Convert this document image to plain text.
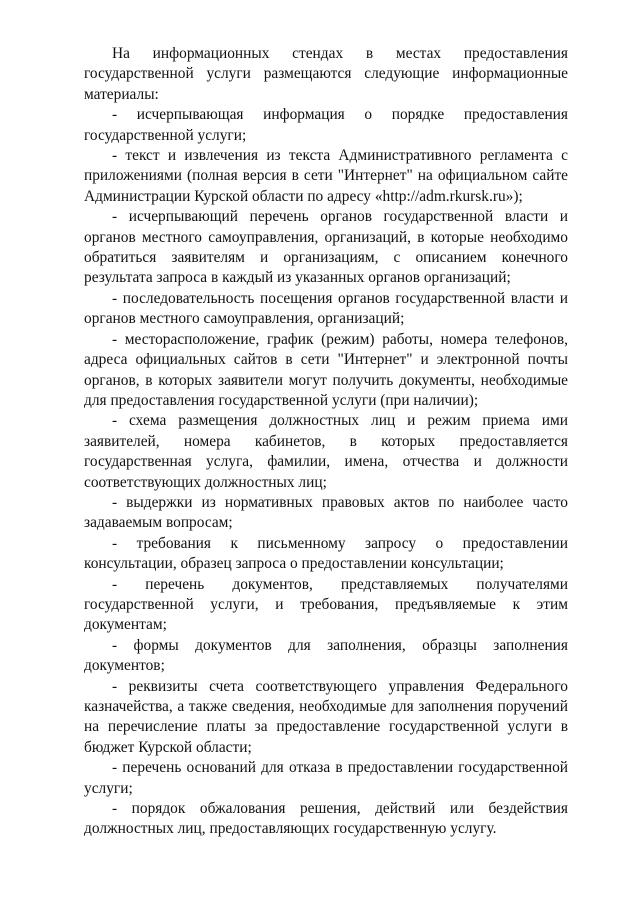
На информационных стендах в местах предоставления государственной услуги размещаются следующие информационные материалы:

- исчерпывающая информация о порядке предоставления государственной услуги;

- текст и извлечения из текста Административного регламента с приложениями (полная версия в сети "Интернет" на официальном сайте Администрации Курской области по адресу «http://adm.rkursk.ru»);

- исчерпывающий перечень органов государственной власти и органов местного самоуправления, организаций, в которые необходимо обратиться заявителям и организациям, с описанием конечного результата запроса в каждый из указанных органов организаций;

- последовательность посещения органов государственной власти и органов местного самоуправления, организаций;

- месторасположение, график (режим) работы, номера телефонов, адреса официальных сайтов в сети "Интернет" и электронной почты органов, в которых заявители могут получить документы, необходимые для предоставления государственной услуги (при наличии);

- схема размещения должностных лиц и режим приема ими заявителей, номера кабинетов, в которых предоставляется государственная услуга, фамилии, имена, отчества и должности соответствующих должностных лиц;

- выдержки из нормативных правовых актов по наиболее часто задаваемым вопросам;

- требования к письменному запросу о предоставлении консультации, образец запроса о предоставлении консультации;

- перечень документов, представляемых получателями государственной услуги, и требования, предъявляемые к этим документам;

- формы документов для заполнения, образцы заполнения документов;

- реквизиты счета соответствующего управления Федерального казначейства, а также сведения, необходимые для заполнения поручений на перечисление платы за предоставление государственной услуги в бюджет Курской области;

- перечень оснований для отказа в предоставлении государственной услуги;

- порядок обжалования решения, действий или бездействия должностных лиц, предоставляющих государственную услугу.
